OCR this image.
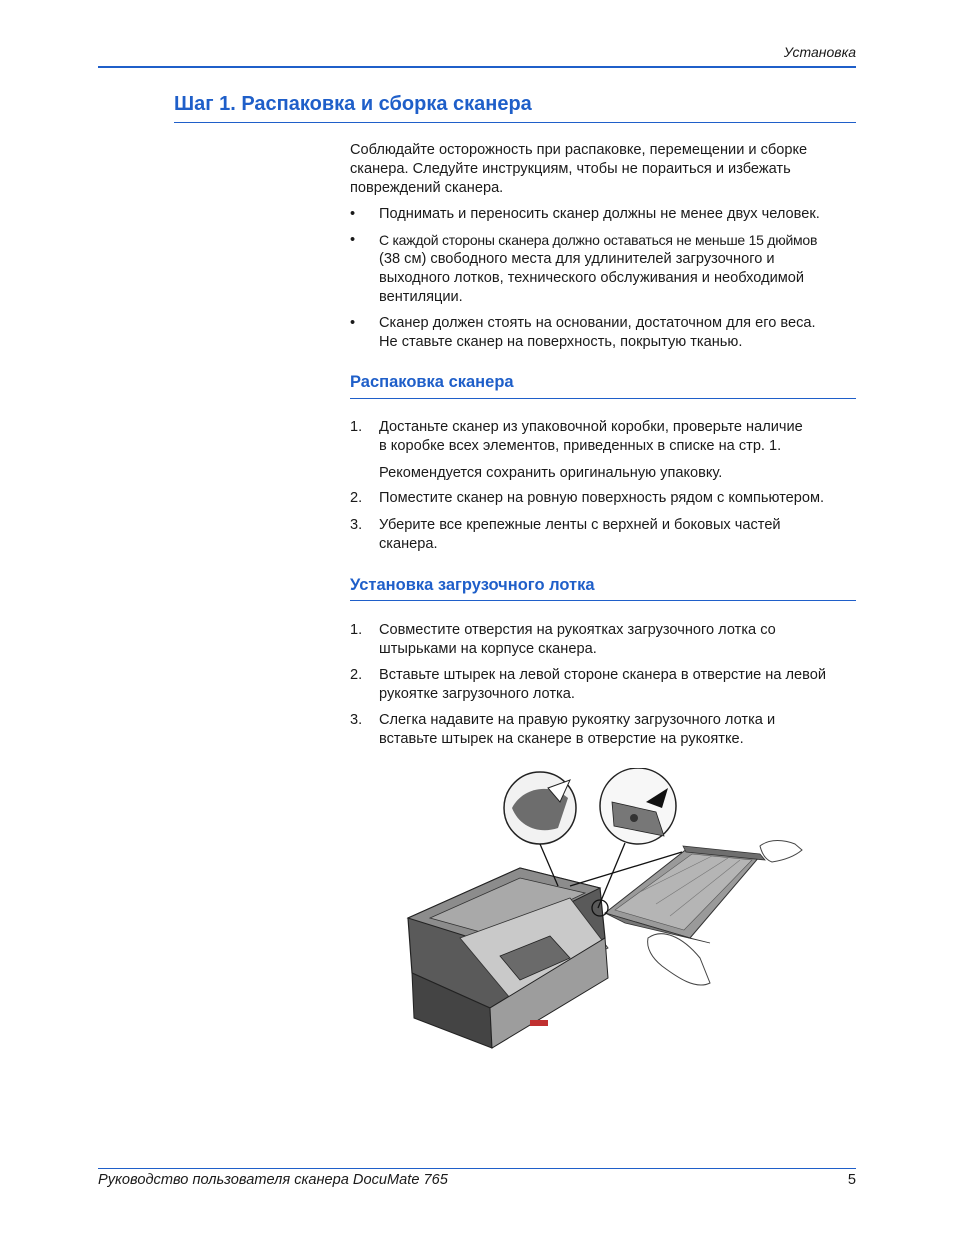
Установка
Шаг 1. Распаковка и сборка сканера
Соблюдайте осторожность при распаковке, перемещении и сборке
сканера. Следуйте инструкциям, чтобы не пораиться и избежать
повреждений сканера.
•	Поднимать и переносить сканер должны не менее двух человек.
•	С каждой стороны сканера должно оставаться не меньше 15 дюймов
(38 см) свободного места для удлинителей загрузочного и
выходного лотков, технического обслуживания и необходимой
вентиляции.
•	Сканер должен стоять на основании, достаточном для его веса.
Не ставьте сканер на поверхность, покрытую тканью.
Распаковка сканера
1.	Достаньте сканер из упаковочной коробки, проверьте наличие
в коробке всех элементов, приведенных в списке на стр. 1.
Рекомендуется сохранить оригинальную упаковку.
2.	Поместите сканер на ровную поверхность рядом с компьютером.
3.	Уберите все крепежные ленты с верхней и боковых частей
сканера.
Установка загрузочного лотка
1.	Совместите отверстия на рукоятках загрузочного лотка со
штырьками на корпусе сканера.
2.	Вставьте штырек на левой стороне сканера в отверстие на левой
рукоятке загрузочного лотка.
3.	Слегка надавите на правую рукоятку загрузочного лотка и
вставьте штырек на сканере в отверстие на рукоятке.
Руководство пользователя сканера DocuMate 765	5
